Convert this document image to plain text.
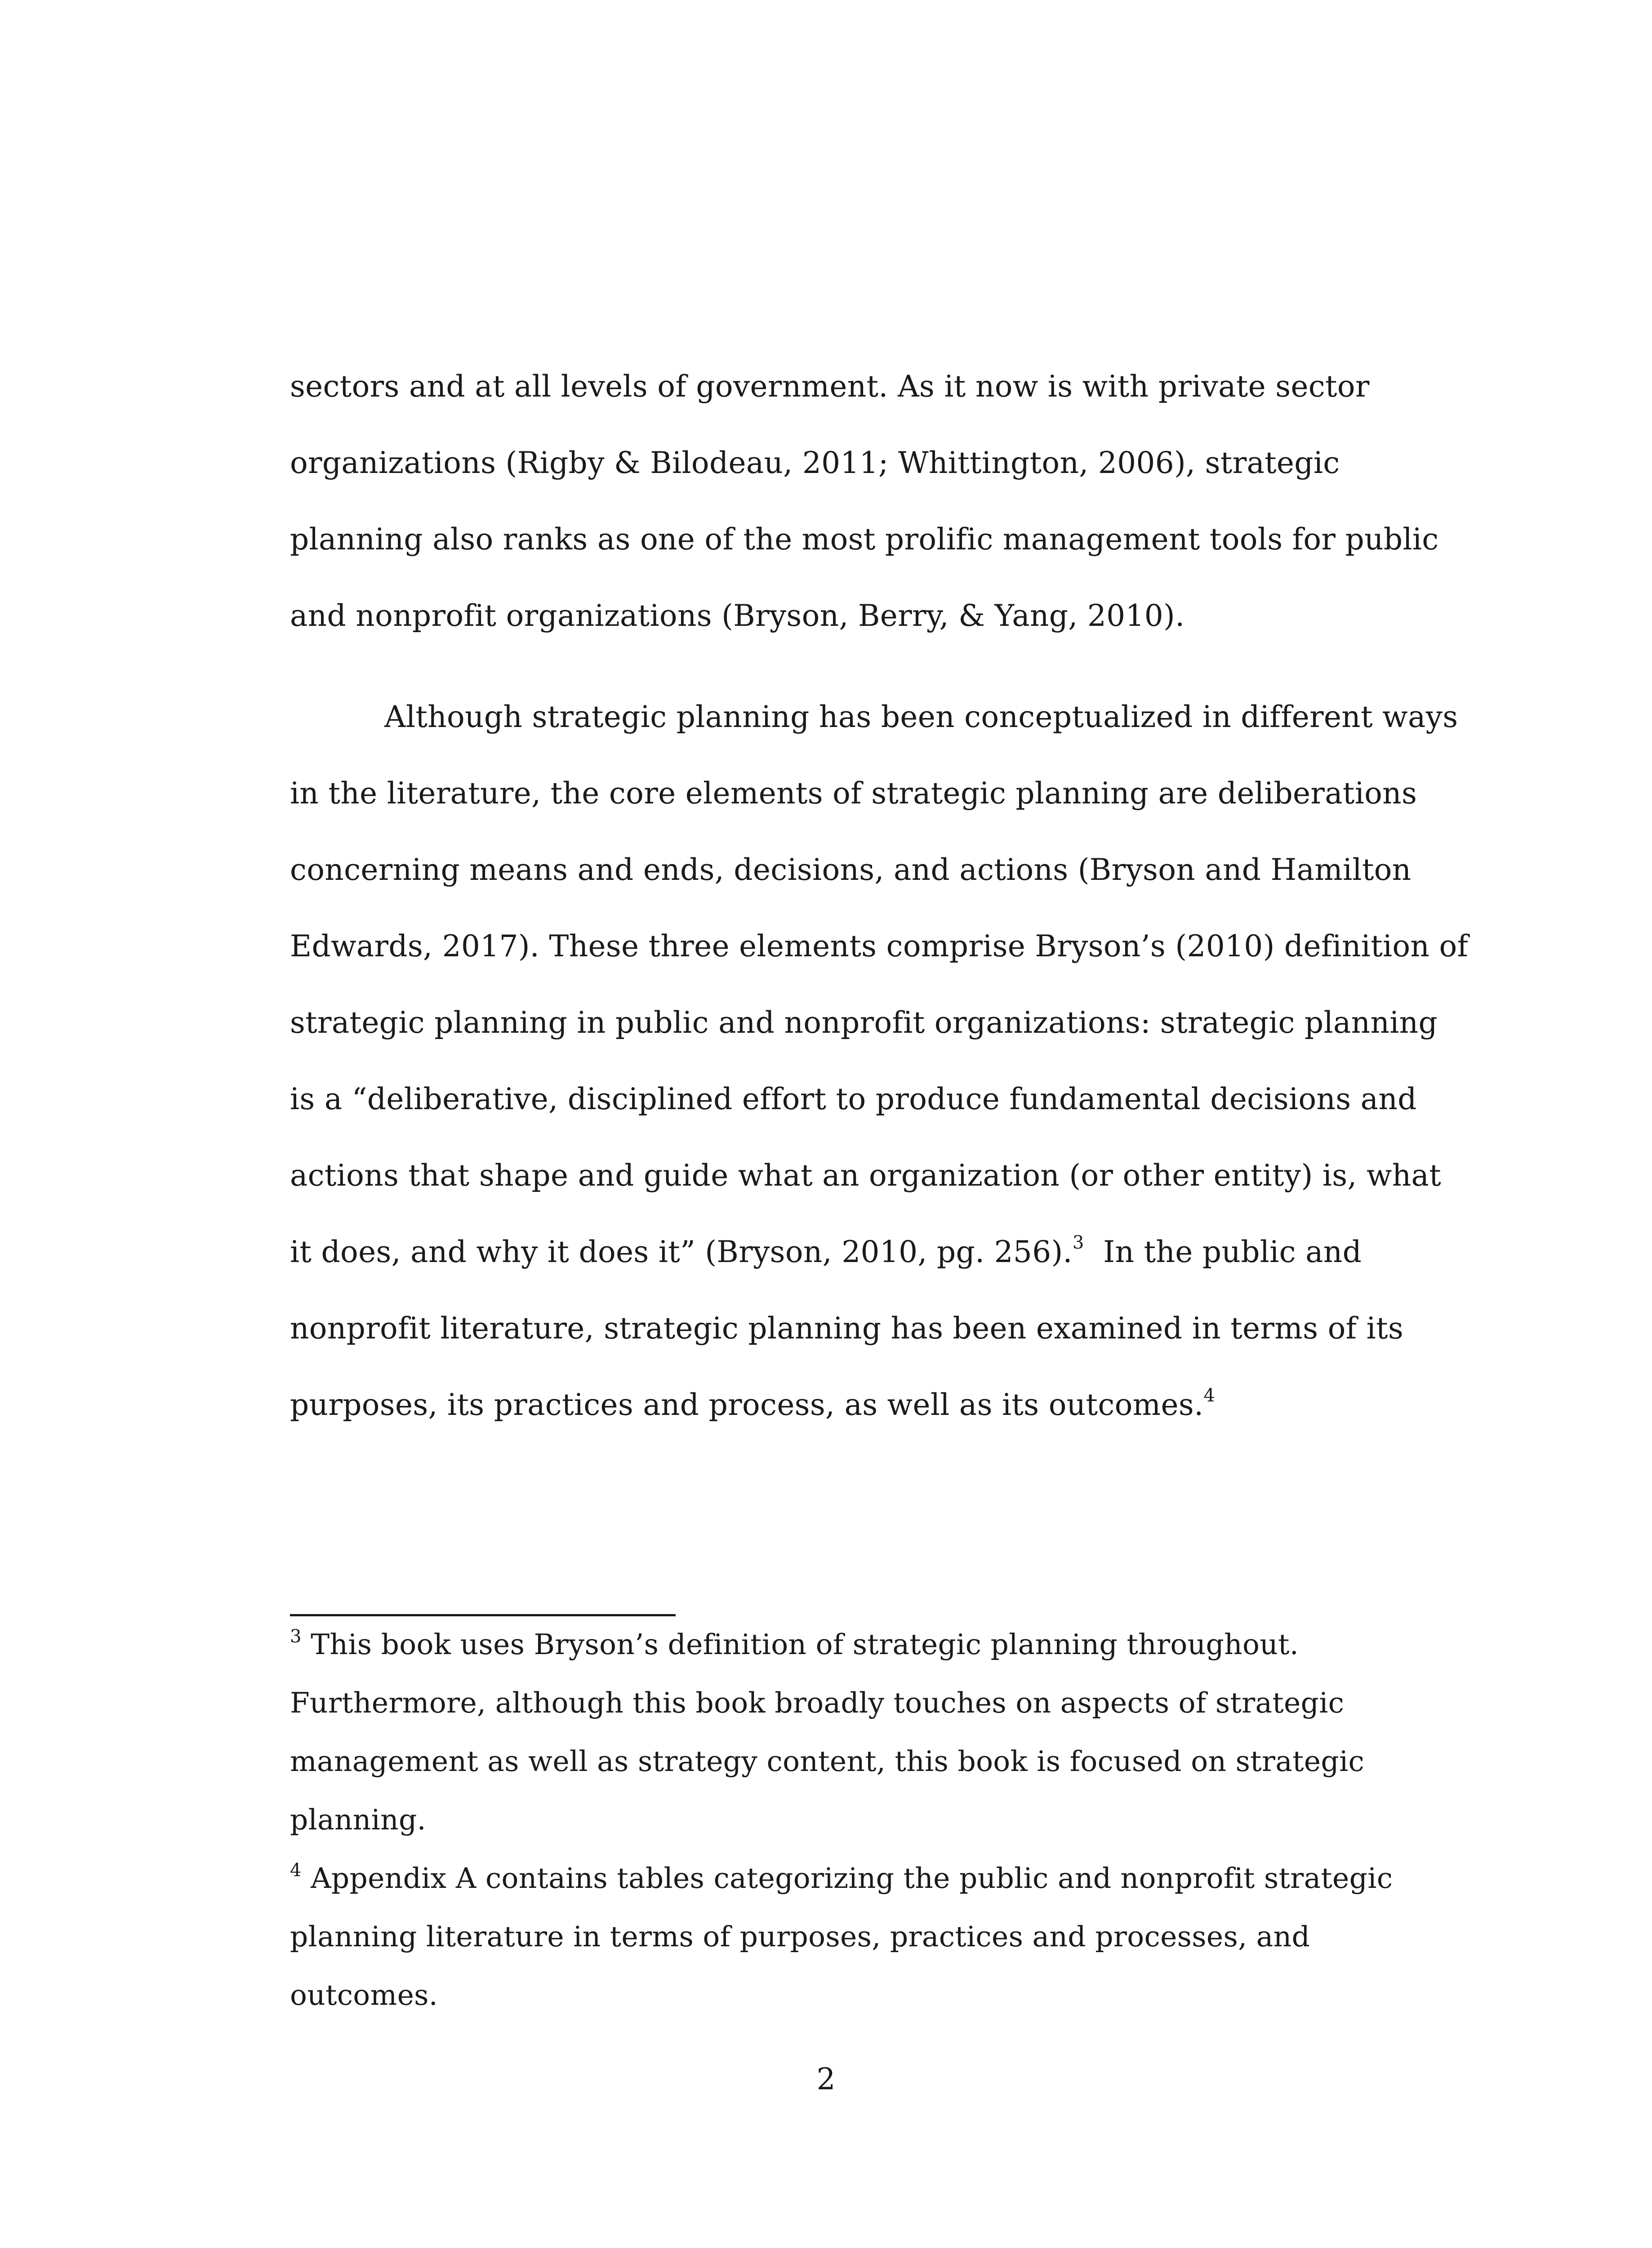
sectors and at all levels of government. As it now is with private sector
organizations (Rigby & Bilodeau, 2011; Whittington, 2006), strategic
planning also ranks as one of the most prolific management tools for public
and nonprofit organizations (Bryson, Berry, & Yang, 2010).
Although strategic planning has been conceptualized in different ways
in the literature, the core elements of strategic planning are deliberations
concerning means and ends, decisions, and actions (Bryson and Hamilton
Edwards, 2017). These three elements comprise Bryson’s (2010) definition of
strategic planning in public and nonprofit organizations: strategic planning
is a “deliberative, disciplined effort to produce fundamental decisions and
actions that shape and guide what an organization (or other entity) is, what
it does, and why it does it” (Bryson, 2010, pg. 256).$^3$  In the public and
nonprofit literature, strategic planning has been examined in terms of its
purposes, its practices and process, as well as its outcomes.$^4$
$^3$ This book uses Bryson’s definition of strategic planning throughout.
Furthermore, although this book broadly touches on aspects of strategic
management as well as strategy content, this book is focused on strategic
planning.
$^4$ Appendix A contains tables categorizing the public and nonprofit strategic
planning literature in terms of purposes, practices and processes, and
outcomes.
2
